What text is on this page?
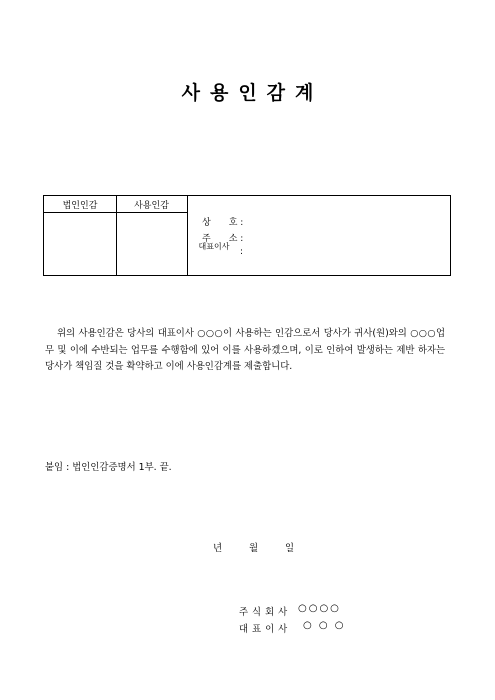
사용인감계
법인인감	사용인감
상　　호 :
주　　소 :
대표이사
:
위의 사용인감은 당사의 대표이사 ○○○이 사용하는 인감으로서 당사가 귀사(원)와의 ○○○업무 및 이에 수반되는 업무를 수행함에 있어 이를 사용하겠으며, 이로 인하여 발생하는 제반 하자는 당사가 책임질 것을 확약하고 이에 사용인감계를 제출합니다.
붙임 : 법인인감증명서 1부. 끝.
년	월	일
주식회사 ○○○○
대표이사 ○ ○ ○
